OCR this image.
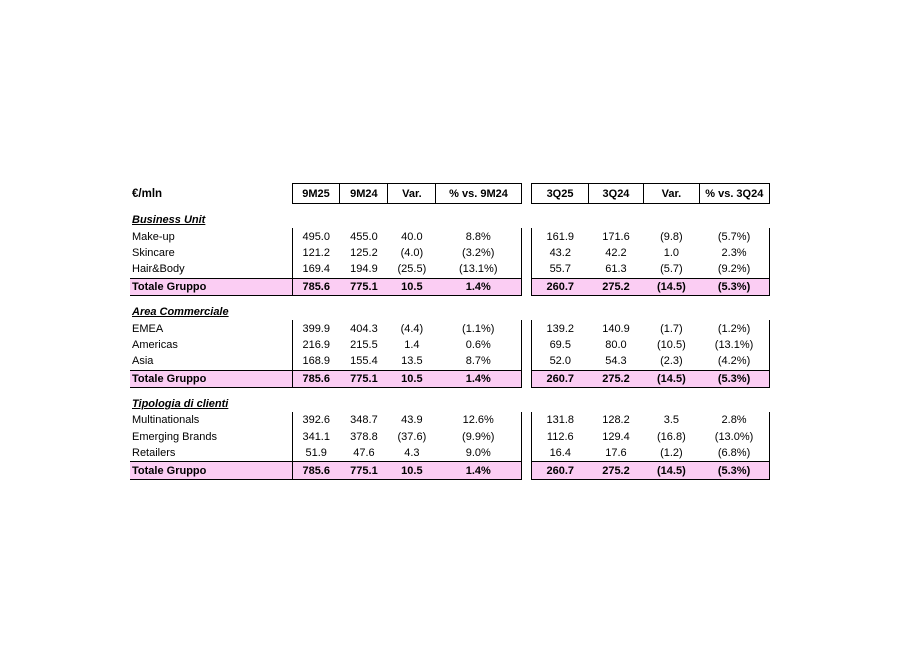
€/mln	9M25	9M24	Var.	% vs. 9M24		3Q25	3Q24	Var.	% vs. 3Q24

Business Unit									
Make-up	495.0	455.0	40.0	8.8%		161.9	171.6	(9.8)	(5.7%)
Skincare	121.2	125.2	(4.0)	(3.2%)		43.2	42.2	1.0	2.3%
Hair&Body	169.4	194.9	(25.5)	(13.1%)		55.7	61.3	(5.7)	(9.2%)
Totale Gruppo	785.6	775.1	10.5	1.4%		260.7	275.2	(14.5)	(5.3%)

Area Commerciale									
EMEA	399.9	404.3	(4.4)	(1.1%)		139.2	140.9	(1.7)	(1.2%)
Americas	216.9	215.5	1.4	0.6%		69.5	80.0	(10.5)	(13.1%)
Asia	168.9	155.4	13.5	8.7%		52.0	54.3	(2.3)	(4.2%)
Totale Gruppo	785.6	775.1	10.5	1.4%		260.7	275.2	(14.5)	(5.3%)

Tipologia di clienti									
Multinationals	392.6	348.7	43.9	12.6%		131.8	128.2	3.5	2.8%
Emerging Brands	341.1	378.8	(37.6)	(9.9%)		112.6	129.4	(16.8)	(13.0%)
Retailers	51.9	47.6	4.3	9.0%		16.4	17.6	(1.2)	(6.8%)
Totale Gruppo	785.6	775.1	10.5	1.4%		260.7	275.2	(14.5)	(5.3%)
